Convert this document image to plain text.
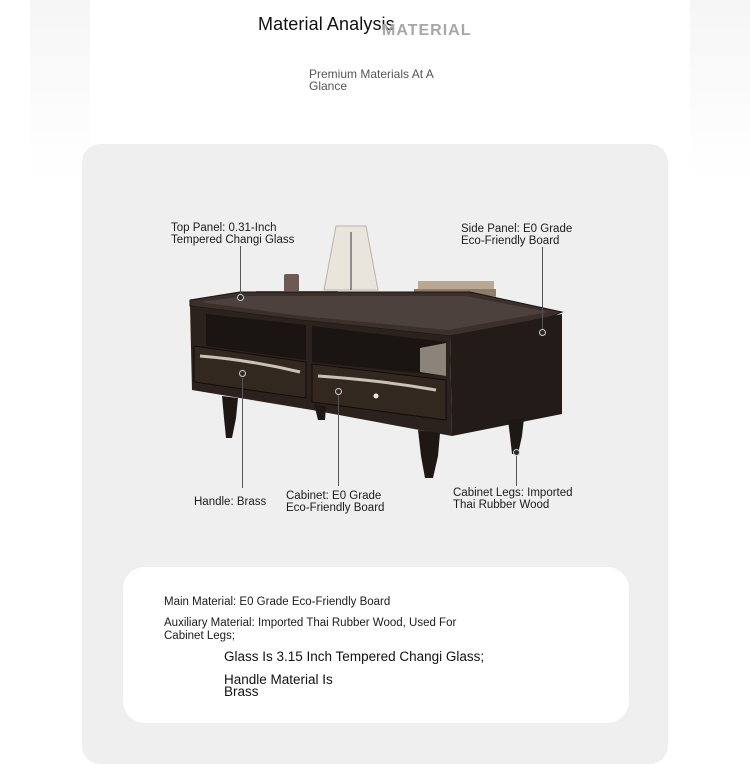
Material Analysis
MATERIAL
Premium Materials At A
Glance
Top Panel: 0.31-Inch
Tempered Changi Glass
Side Panel: E0 Grade
Eco-Friendly Board
Handle: Brass Cabinet: E0 Grade
Eco-Friendly Board
Cabinet Legs: Imported
Thai Rubber Wood
Main Material: E0 Grade Eco-Friendly Board
Auxiliary Material: Imported Thai Rubber Wood, Used For
Cabinet Legs;
Glass Is 3.15 Inch Tempered Changi Glass;
Handle Material Is
Brass
